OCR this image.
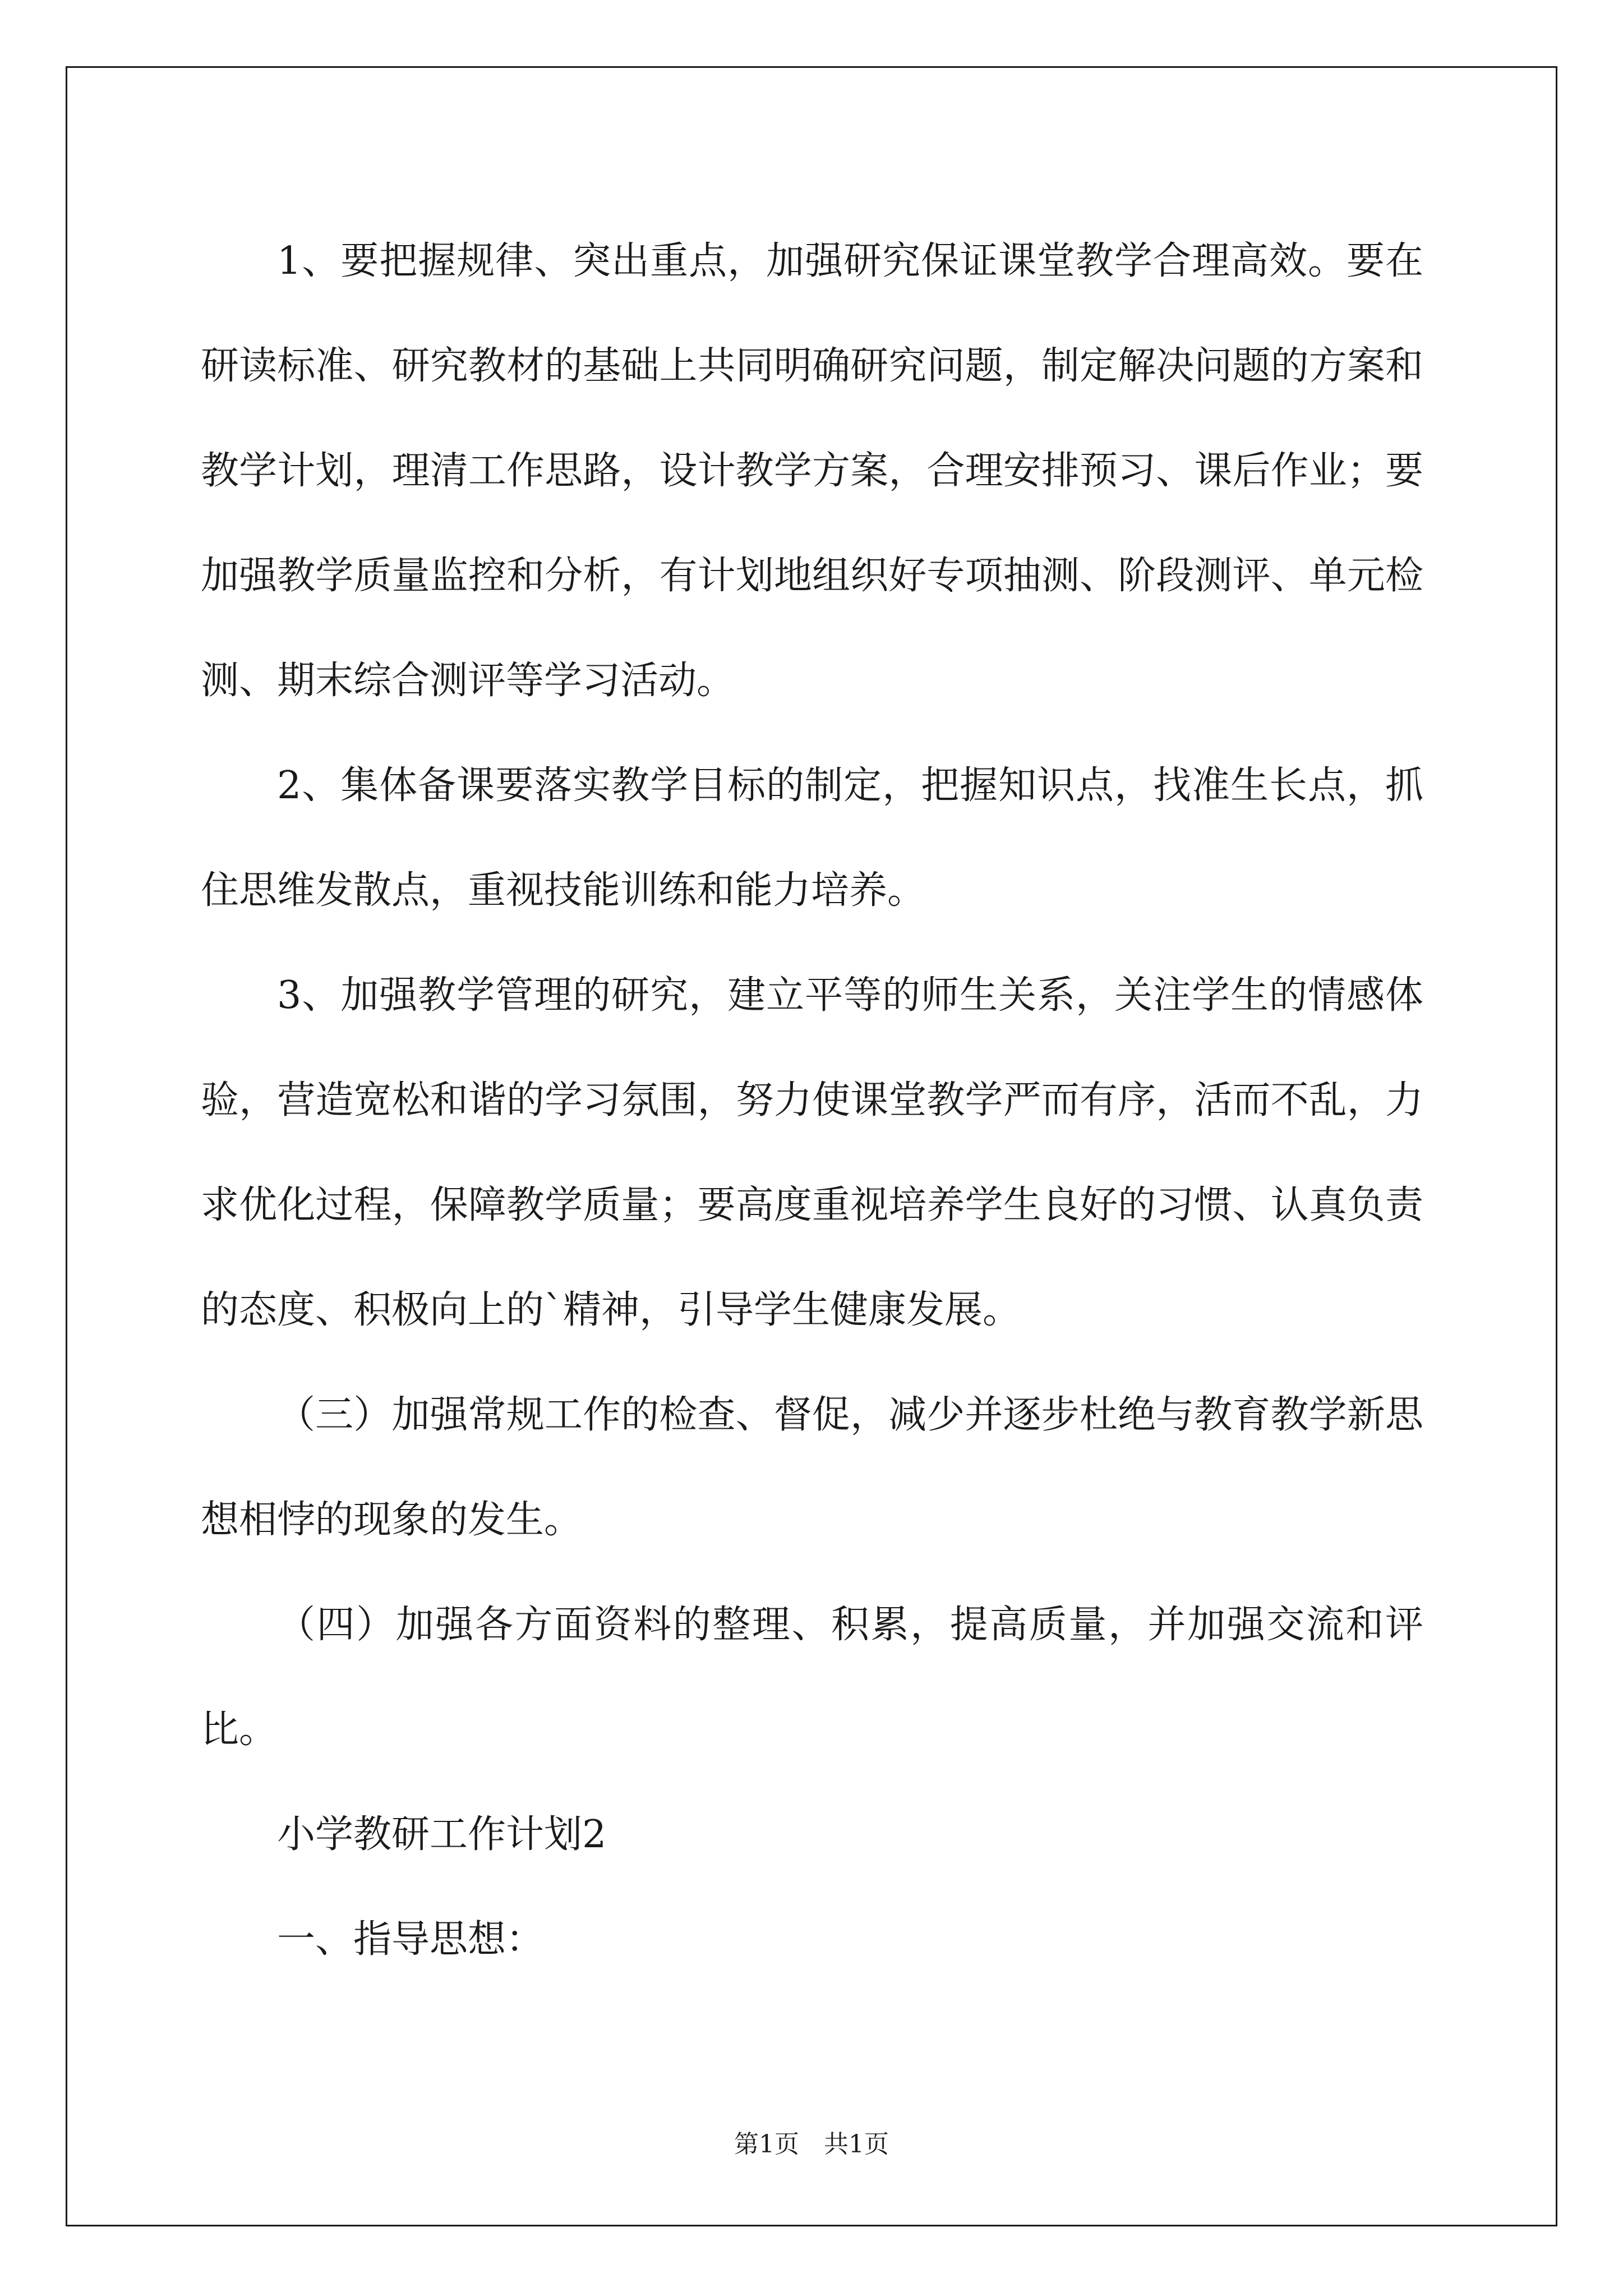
1、要把握规律、突出重点，加强研究保证课堂教学合理高效。要在研读标准、研究教材的基础上共同明确研究问题，制定解决问题的方案和教学计划，理清工作思路，设计教学方案，合理安排预习、课后作业；要加强教学质量监控和分析，有计划地组织好专项抽测、阶段测评、单元检测、期末综合测评等学习活动。

2、集体备课要落实教学目标的制定，把握知识点，找准生长点，抓住思维发散点，重视技能训练和能力培养。

3、加强教学管理的研究，建立平等的师生关系，关注学生的情感体验，营造宽松和谐的学习氛围，努力使课堂教学严而有序，活而不乱，力求优化过程，保障教学质量；要高度重视培养学生良好的习惯、认真负责的态度、积极向上的`精神，引导学生健康发展。

（三）加强常规工作的检查、督促，减少并逐步杜绝与教育教学新思想相悖的现象的发生。

（四）加强各方面资料的整理、积累，提高质量，并加强交流和评比。

小学教研工作计划2

一、指导思想：

第1页　共1页
